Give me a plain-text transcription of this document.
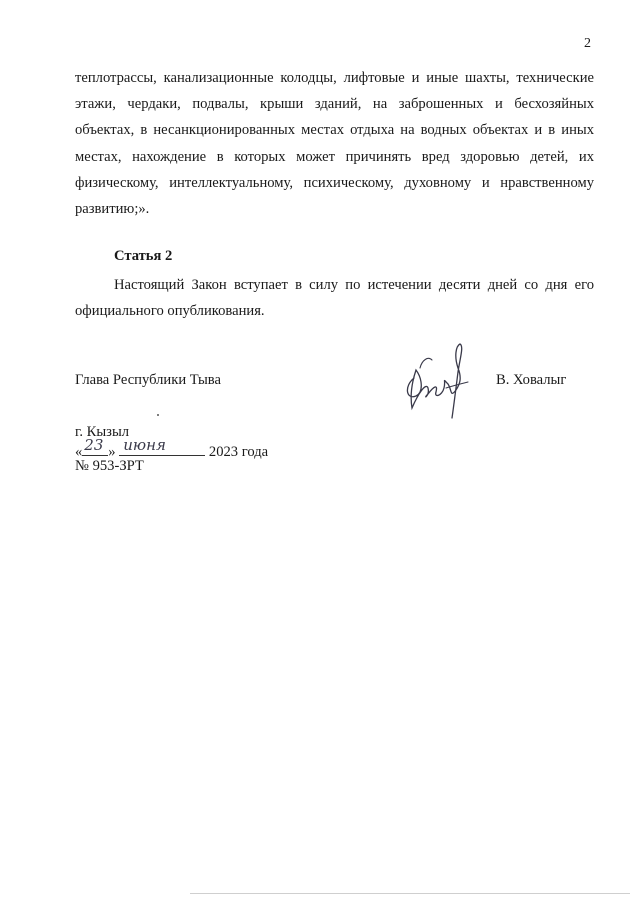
2
теплотрассы, канализационные колодцы, лифтовые и иные шахты, технические
этажи, чердаки, подвалы, крыши зданий, на заброшенных и бесхозяйных
объектах, в несанкционированных местах отдыха на водных объектах и в иных
местах, нахождение в которых может причинять вред здоровью детей, их
физическому, интеллектуальному, психическому, духовному и нравственному
развитию;».
Статья 2
Настоящий Закон вступает в силу по истечении десяти дней со дня его
официального опубликования.
Глава Республики Тыва	В. Ховалыг
г. Кызыл
« 23 » июня	2023 года
№ 953-ЗРТ
